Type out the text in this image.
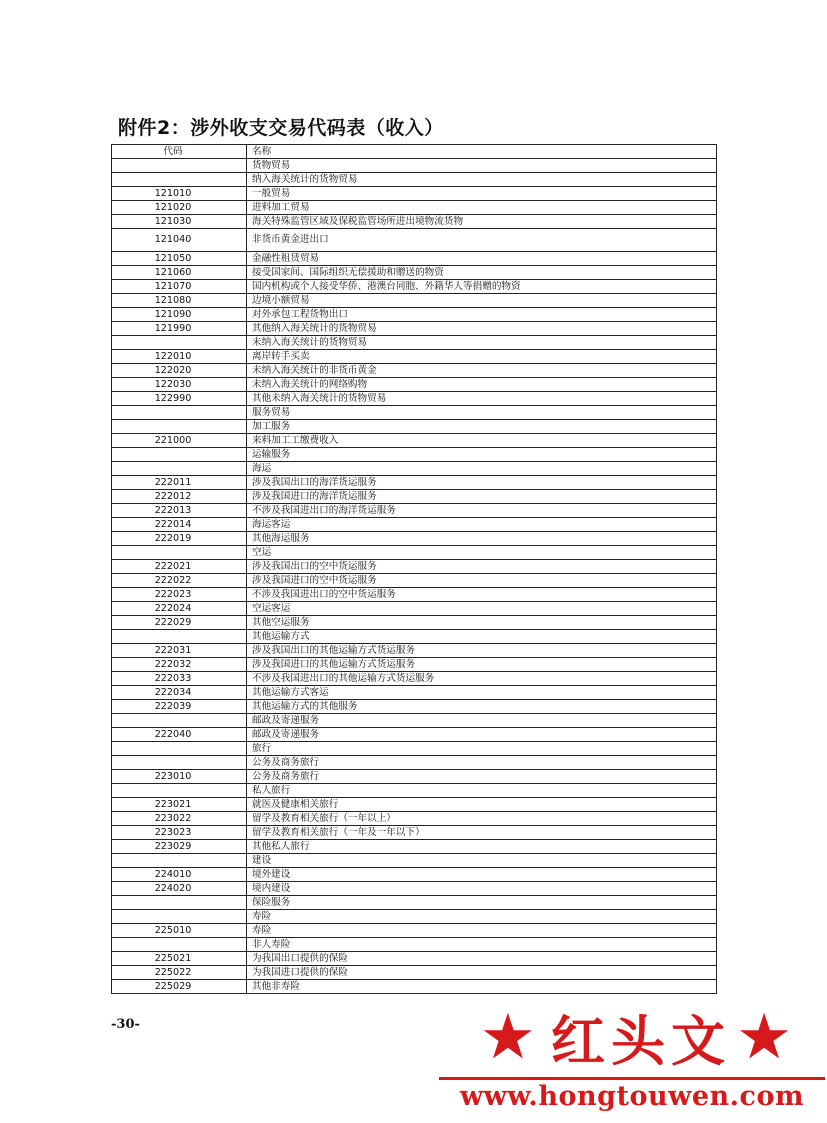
附件2：涉外收支交易代码表（收入）
代码	名称
	货物贸易
	纳入海关统计的货物贸易
121010	一般贸易
121020	进料加工贸易
121030	海关特殊监管区域及保税监管场所进出境物流货物
121040	非货币黄金进出口
121050	金融性租赁贸易
121060	接受国家间、国际组织无偿援助和赠送的物资
121070	国内机构或个人接受华侨、港澳台同胞、外籍华人等捐赠的物资
121080	边境小额贸易
121090	对外承包工程货物出口
121990	其他纳入海关统计的货物贸易
	未纳入海关统计的货物贸易
122010	离岸转手买卖
122020	未纳入海关统计的非货币黄金
122030	未纳入海关统计的网络购物
122990	其他未纳入海关统计的货物贸易
	服务贸易
	加工服务
221000	来料加工工缴费收入
	运输服务
	海运
222011	涉及我国出口的海洋货运服务
222012	涉及我国进口的海洋货运服务
222013	不涉及我国进出口的海洋货运服务
222014	海运客运
222019	其他海运服务
	空运
222021	涉及我国出口的空中货运服务
222022	涉及我国进口的空中货运服务
222023	不涉及我国进出口的空中货运服务
222024	空运客运
222029	其他空运服务
	其他运输方式
222031	涉及我国出口的其他运输方式货运服务
222032	涉及我国进口的其他运输方式货运服务
222033	不涉及我国进出口的其他运输方式货运服务
222034	其他运输方式客运
222039	其他运输方式的其他服务
	邮政及寄递服务
222040	邮政及寄递服务
	旅行
	公务及商务旅行
223010	公务及商务旅行
	私人旅行
223021	就医及健康相关旅行
223022	留学及教育相关旅行（一年以上）
223023	留学及教育相关旅行（一年及一年以下）
223029	其他私人旅行
	建设
224010	境外建设
224020	境内建设
	保险服务
	寿险
225010	寿险
	非人寿险
225021	为我国出口提供的保险
225022	为我国进口提供的保险
225029	其他非寿险
-30-	★ 红头文 ★
www.hongtouwen.com
